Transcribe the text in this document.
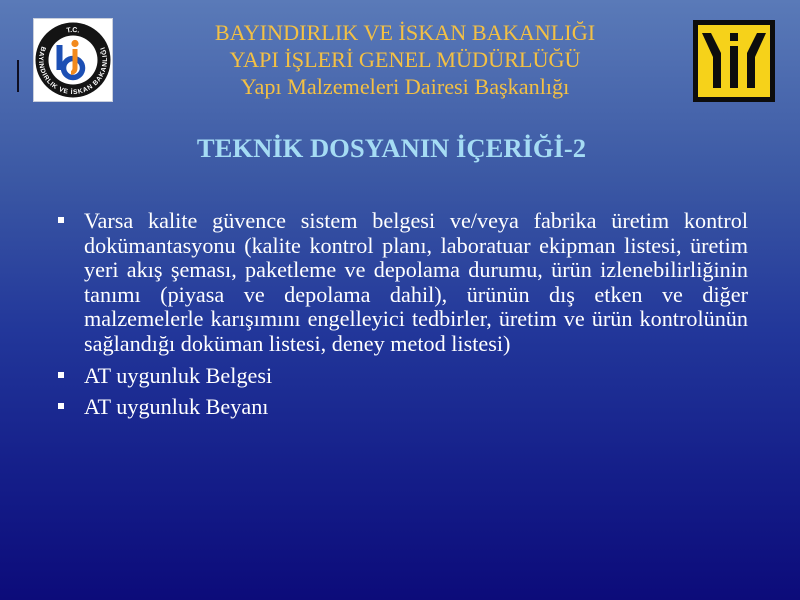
T.C.
BAYINDIRLIK VE İSKAN BAKANLIĞI
BAYINDIRLIK VE İSKAN BAKANLIĞI
YAPI İŞLERİ GENEL MÜDÜRLÜĞÜ
Yapı Malzemeleri Dairesi Başkanlığı
TEKNİK DOSYANIN İÇERİĞİ-2
Varsa kalite güvence sistem belgesi ve/veya fabrika üretim kontrol
dokümantasyonu (kalite kontrol planı, laboratuar ekipman listesi, üretim
yeri akış şeması, paketleme ve depolama durumu, ürün izlenebilirliğinin
tanımı (piyasa ve depolama dahil), ürünün dış etken ve diğer
malzemelerle karışımını engelleyici tedbirler, üretim ve ürün kontrolünün
sağlandığı doküman listesi, deney metod listesi)
AT uygunluk Belgesi
AT uygunluk Beyanı
